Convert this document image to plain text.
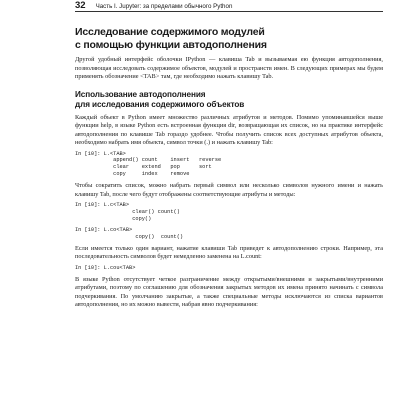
32 Часть I. Jupyter: за пределами обычного Python
Исследование содержимого модулей
с помощью функции автодополнения

Другой удобный интерфейс оболочки IPython — клавиша Tab и вызываемая ею функция автодополнения, позволяющая исследовать содержимое объектов, модулей и пространств имен. В следующих примерах мы будем применять обозначение <TAB> там, где необходимо нажать клавишу Tab.

Использование автодополнения
для исследования содержимого объектов

Каждый объект в Python имеет множество различных атрибутов и методов. Помимо упоминавшейся выше функции help, в языке Python есть встроенная функция dir, возвращающая их список, но на практике интерфейс автодополнения по клавише Tab гораздо удобнее. Чтобы получить список всех доступных атрибутов объекта, необходимо набрать имя объекта, символ точки (.) и нажать клавишу Tab:

In [10]: L.<TAB>
append() count    insert   reverse
clear    extend   pop      sort
copy     index    remove

Чтобы сократить список, можно набрать первый символ или несколько символов нужного имени и нажать клавишу Tab, после чего будут отображены соответствующие атрибуты и методы:

In [10]: L.c<TAB>
clear() count()
copy()
In [10]: L.co<TAB>
copy()  count()

Если имеется только один вариант, нажатие клавиши Tab приведет к автодополнению строки. Например, эта последовательность символов будет немедленно заменена на L.count:

In [10]: L.cou<TAB>

В языке Python отсутствует четкое разграничение между открытыми/внешними и закрытыми/внутренними атрибутами, поэтому по соглашению для обозначения закрытых методов их имена принято начинать с символа подчеркивания. По умолчанию закрытые, а также специальные методы исключаются из списка вариантов автодополнения, но их можно вывести, набрав явно подчеркивания:
